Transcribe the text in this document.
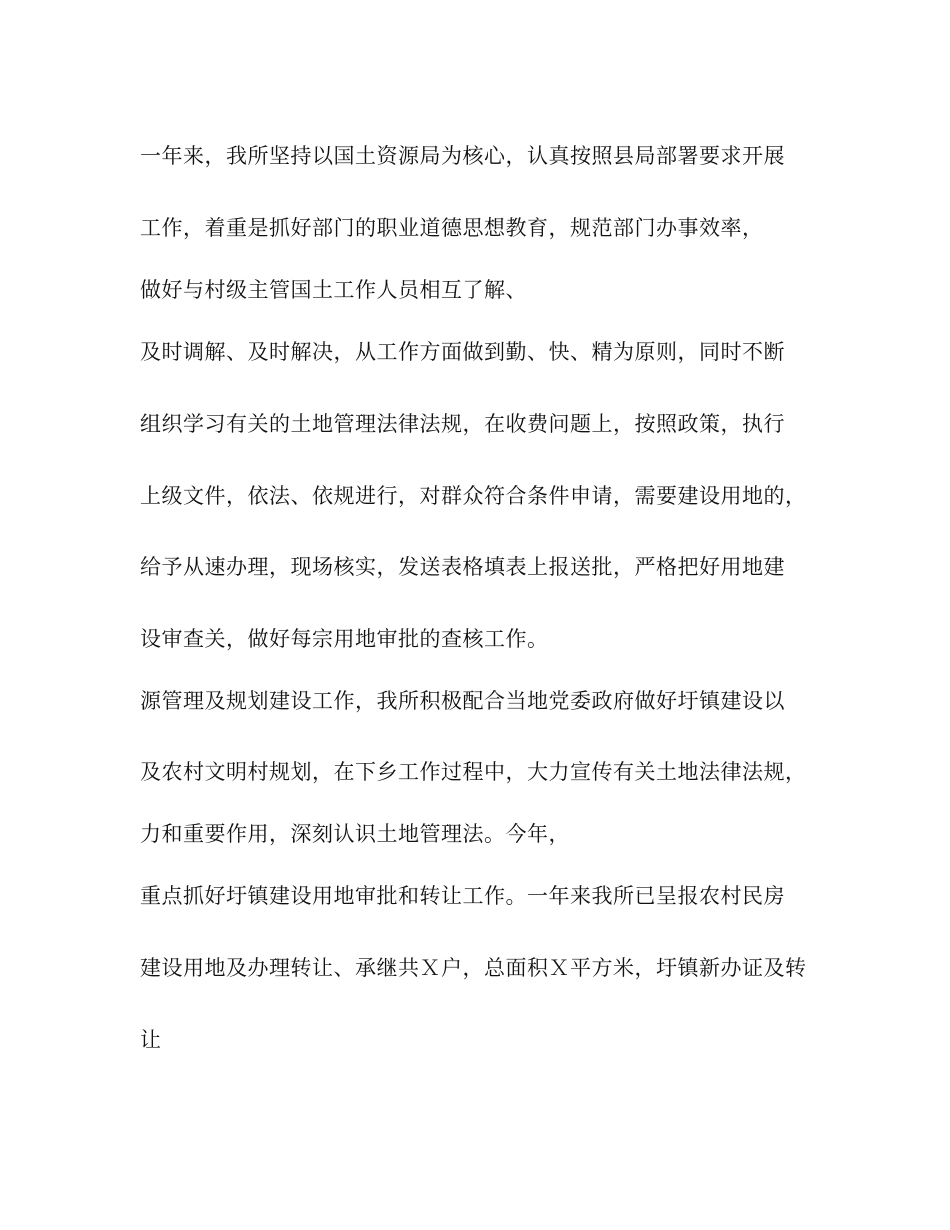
一年来，我所坚持以国土资源局为核心，认真按照县局部署要求开展
工作，着重是抓好部门的职业道德思想教育，规范部门办事效率，
做好与村级主管国土工作人员相互了解、
及时调解、及时解决，从工作方面做到勤、快、精为原则，同时不断
组织学习有关的土地管理法律法规，在收费问题上，按照政策，执行
上级文件，依法、依规进行，对群众符合条件申请，需要建设用地的，
给予从速办理，现场核实，发送表格填表上报送批，严格把好用地建
设审查关，做好每宗用地审批的查核工作。
源管理及规划建设工作，我所积极配合当地党委政府做好圩镇建设以
及农村文明村规划，在下乡工作过程中，大力宣传有关土地法律法规，
力和重要作用，深刻认识土地管理法。今年，
重点抓好圩镇建设用地审批和转让工作。一年来我所已呈报农村民房
建设用地及办理转让、承继共Ｘ户，总面积Ｘ平方米，圩镇新办证及转
让
